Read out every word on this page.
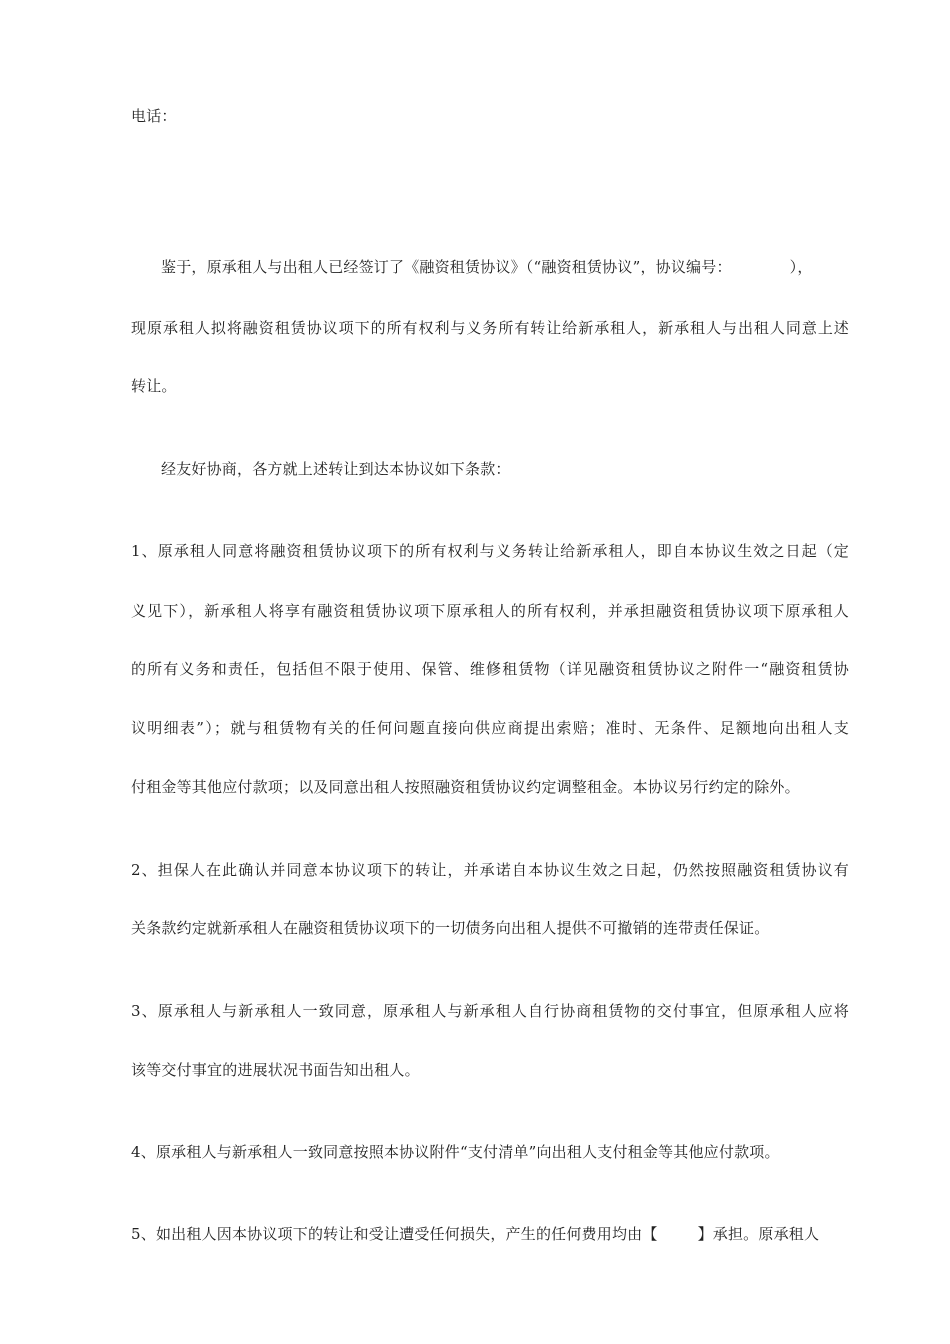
电话：
鉴于，原承租人与出租人已经签订了《融资租赁协议》（“融资租赁协议”，协议编号：	），
现原承租人拟将融资租赁协议项下的所有权利与义务所有转让给新承租人，新承租人与出租人同意上述
转让。
经友好协商，各方就上述转让到达本协议如下条款：
1、原承租人同意将融资租赁协议项下的所有权利与义务转让给新承租人，即自本协议生效之日起（定
义见下），新承租人将享有融资租赁协议项下原承租人的所有权利，并承担融资租赁协议项下原承租人
的所有义务和责任，包括但不限于使用、保管、维修租赁物（详见融资租赁协议之附件一“融资租赁协
议明细表”）；就与租赁物有关的任何问题直接向供应商提出索赔；准时、无条件、足额地向出租人支
付租金等其他应付款项；以及同意出租人按照融资租赁协议约定调整租金。本协议另行约定的除外。
2、担保人在此确认并同意本协议项下的转让，并承诺自本协议生效之日起，仍然按照融资租赁协议有
关条款约定就新承租人在融资租赁协议项下的一切债务向出租人提供不可撤销的连带责任保证。
3、原承租人与新承租人一致同意，原承租人与新承租人自行协商租赁物的交付事宜，但原承租人应将
该等交付事宜的进展状况书面告知出租人。
4、原承租人与新承租人一致同意按照本协议附件“支付清单”向出租人支付租金等其他应付款项。
5、如出租人因本协议项下的转让和受让遭受任何损失，产生的任何费用均由【	】承担。原承租人
